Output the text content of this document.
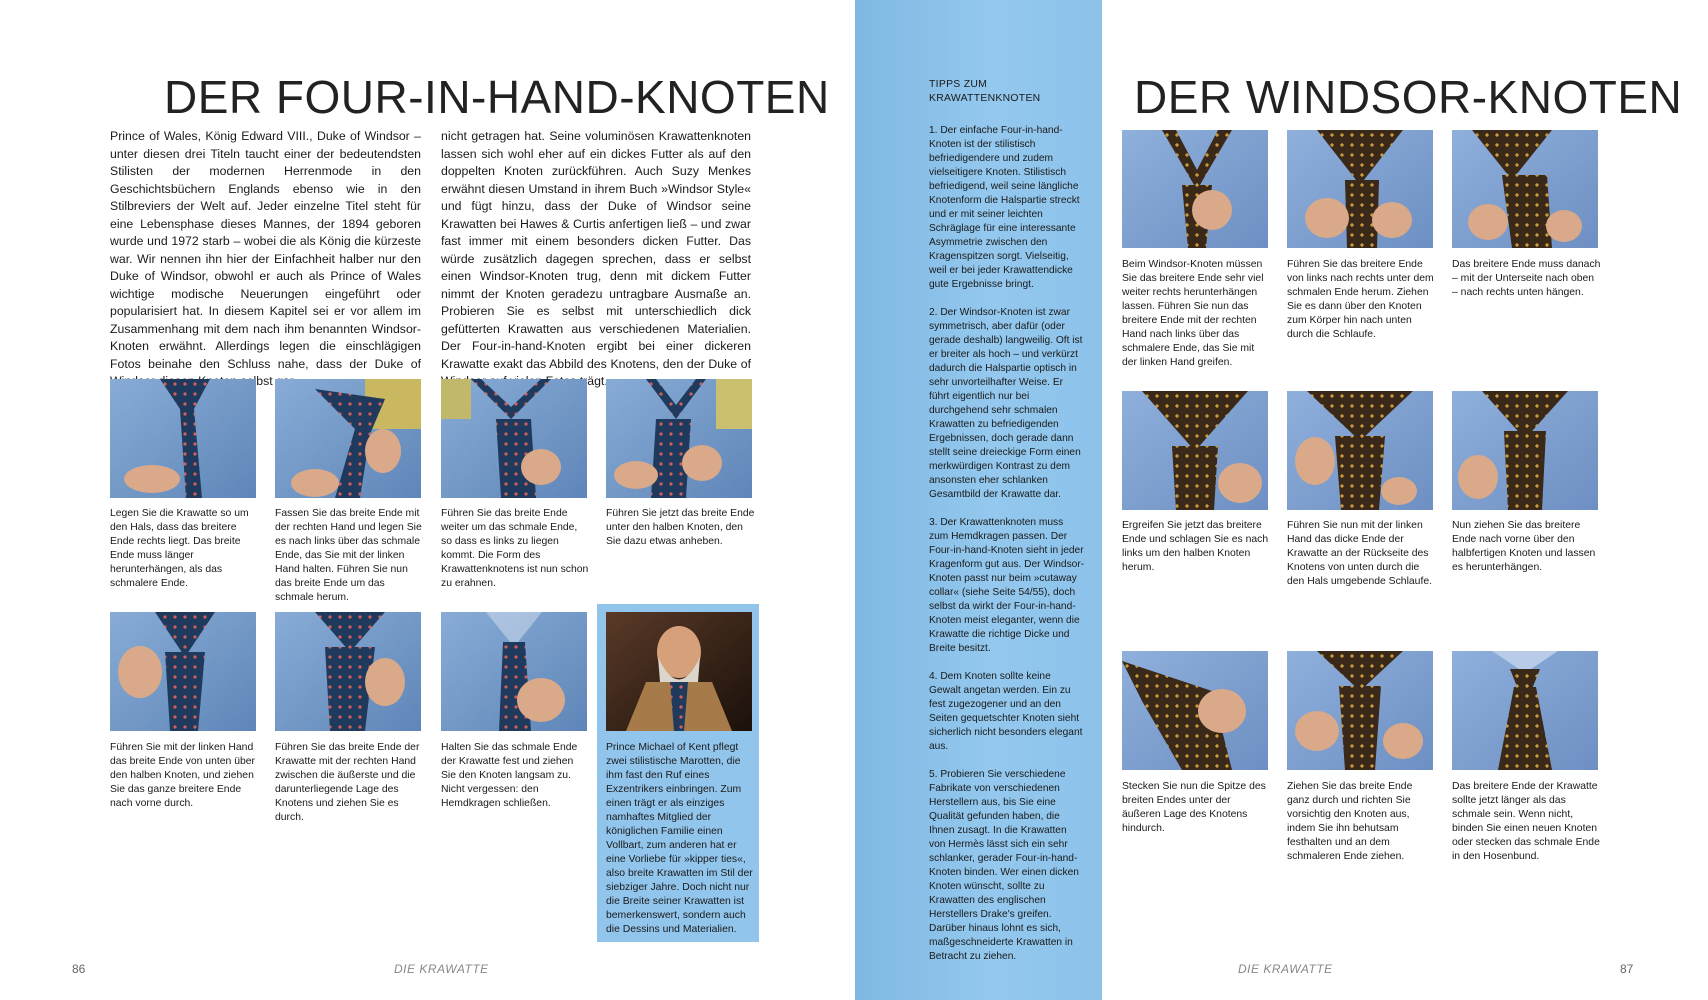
DER FOUR-IN-HAND-KNOTEN
Prince of Wales, König Edward VIII., Duke of Windsor – unter diesen drei Titeln taucht einer der bedeutendsten Stilisten der modernen Herrenmode in den Geschichtsbüchern Englands ebenso wie in den Stilbreviers der Welt auf. Jeder einzelne Titel steht für eine Lebensphase dieses Mannes, der 1894 geboren wurde und 1972 starb – wobei die als König die kürzeste war. Wir nennen ihn hier der Einfachheit halber nur den Duke of Windsor, obwohl er auch als Prince of Wales wichtige modische Neuerungen eingeführt oder popularisiert hat. In diesem Kapitel sei er vor allem im Zusammenhang mit dem nach ihm benannten Windsor-Knoten erwähnt. Allerdings legen die einschlägigen Fotos beinahe den Schluss nahe, dass der Duke of selbst
nicht getragen hat. Seine voluminösen Krawattenknoten lassen sich wohl eher auf ein dickes Futter als auf den doppelten Knoten zurückführen. Auch Suzy Menkes erwähnt diesen Umstand in ihrem Buch »Windsor Style« und fügt hinzu, dass der Duke of Windsor seine Krawatten bei Hawes & Curtis anfertigen ließ – und zwar fast immer mit einem besonders dicken Futter. Das würde zusätzlich dagegen sprechen, dass er selbst einen Windsor-Knoten trug, denn mit dickem Futter nimmt der Knoten geradezu untragbare Ausmaße an. Probieren Sie es selbst mit unterschiedlich dick gefütterten Krawatten aus verschiedenen Materialien. Der Four-in-hand-Knoten ergibt bei einer dickeren Krawatte exakt das Abbild des Knotens, den der Duke of trägt.
Legen Sie die Krawatte so um den Hals, dass das breitere Ende rechts liegt. Das breite Ende muss länger herunterhängen, als das schmalere Ende.
Fassen Sie das breite Ende mit der rechten Hand und legen Sie es nach links über das schmale Ende, das Sie mit der linken Hand halten. Führen Sie nun das breite Ende um das schmale herum.
Führen Sie das breite Ende weiter um das schmale Ende, so dass es links zu liegen kommt. Die Form des Krawattenknotens ist nun schon zu erahnen.
Führen Sie jetzt das breite Ende unter den halben Knoten, den Sie dazu etwas anheben.
Führen Sie mit der linken Hand das breite Ende von unten über den halben Knoten, und ziehen Sie das ganze breitere Ende nach vorne durch.
Führen Sie das breite Ende der Krawatte mit der rechten Hand zwischen die äußerste und die darunterliegende Lage des Knotens und ziehen Sie es durch.
Halten Sie das schmale Ende der Krawatte fest und ziehen Sie den Knoten langsam zu. Nicht vergessen: den Hemdkragen schließen.
Prince Michael of Kent pflegt zwei stilistische Marotten, die ihm fast den Ruf eines Exzentrikers einbringen. Zum einen trägt er als einziges namhaftes Mitglied der königlichen Familie einen Vollbart, zum anderen hat er eine Vorliebe für »kipper ties«, also breite Krawatten im Stil der siebziger Jahre. Doch nicht nur die Breite seiner Krawatten ist bemerkenswert, sondern auch die Dessins und Materialien.
86	DIE KRAWATTE
TIPPS ZUM
KRAWATTENKNOTEN

1. Der einfache Four-in-hand-Knoten ist der stilistisch befriedigendere und zudem vielseitigere Knoten. Stilistisch befriedigend, weil seine längliche Knotenform die Halspartie streckt und er mit seiner leichten Schräglage für eine interessante Asymmetrie zwischen den Kragenspitzen sorgt. Vielseitig, weil er bei jeder Krawattendicke gute Ergebnisse bringt.

2. Der Windsor-Knoten ist zwar symmetrisch, aber dafür (oder gerade deshalb) langweilig. Oft ist er breiter als hoch – und verkürzt dadurch die Halspartie optisch in sehr unvorteilhafter Weise. Er führt eigentlich nur bei durchgehend sehr schmalen Krawatten zu befriedigenden Ergebnissen, doch gerade dann stellt seine dreieckige Form einen merkwürdigen Kontrast zu dem ansonsten eher schlanken Gesamtbild der Krawatte dar.

3. Der Krawattenknoten muss zum Hemdkragen passen. Der Four-in-hand-Knoten sieht in jeder Kragenform gut aus. Der Windsor-Knoten passt nur beim »cutaway collar« (siehe Seite 54/55), doch selbst da wirkt der Four-in-hand-Knoten meist eleganter, wenn die Krawatte die richtige Dicke und Breite besitzt.

4. Dem Knoten sollte keine Gewalt angetan werden. Ein zu fest zugezogener und an den Seiten gequetschter Knoten sieht sicherlich nicht besonders elegant aus.

5. Probieren Sie verschiedene Fabrikate von verschiedenen Herstellern aus, bis Sie eine Qualität gefunden haben, die Ihnen zusagt. In die Krawatten von Hermès lässt sich ein sehr schlanker, gerader Four-in-hand-Knoten binden. Wer einen dicken Knoten wünscht, sollte zu Krawatten des englischen Herstellers Drake's greifen. Darüber hinaus lohnt es sich, maßgeschneiderte Krawatten in Betracht zu ziehen.

DER WINDSOR-KNOTEN
Beim Windsor-Knoten müssen Sie das breitere Ende sehr viel weiter rechts herunterhängen lassen. Führen Sie nun das breitere Ende mit der rechten Hand nach links über das schmalere Ende, das Sie mit der linken Hand greifen.
Führen Sie das breitere Ende von links nach rechts unter dem schmalen Ende herum. Ziehen Sie es dann über den Knoten zum Körper hin nach unten durch die Schlaufe.
Das breitere Ende muss danach – mit der Unterseite nach oben – nach rechts unten hängen.
Ergreifen Sie jetzt das breitere Ende und schlagen Sie es nach links um den halben Knoten herum.
Führen Sie nun mit der linken Hand das dicke Ende der Krawatte an der Rückseite des Knotens von unten durch die den Hals umgebende Schlaufe.
Nun ziehen Sie das breitere Ende nach vorne über den halbfertigen Knoten und lassen es herunterhängen.
Stecken Sie nun die Spitze des breiten Endes unter der äußeren Lage des Knotens hindurch.
Ziehen Sie das breite Ende ganz durch und richten Sie vorsichtig den Knoten aus, indem Sie ihn behutsam festhalten und an dem schmaleren Ende ziehen.
Das breitere Ende der Krawatte sollte jetzt länger als das schmale sein. Wenn nicht, binden Sie einen neuen Knoten oder stecken das schmale Ende in den Hosenbund.
DIE KRAWATTE	87
